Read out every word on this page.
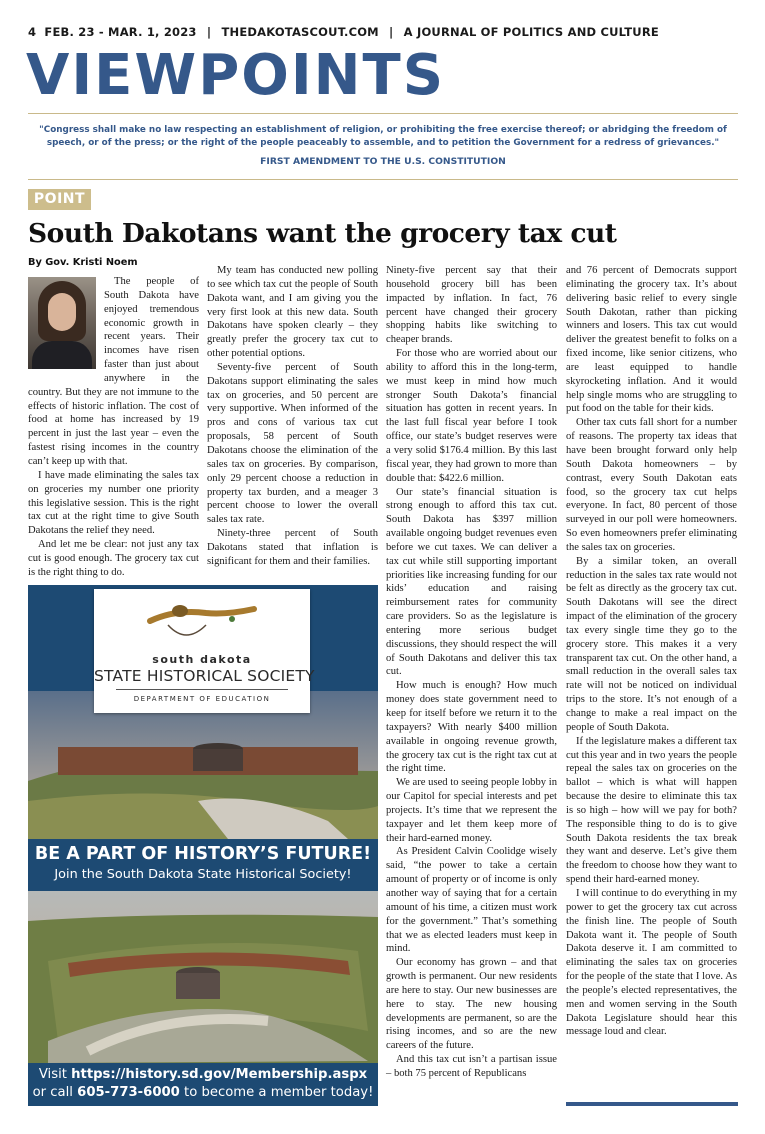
4 FEB. 23 - MAR. 1, 2023 | THEDAKOTASCOUT.COM | A JOURNAL OF POLITICS AND CULTURE
VIEWPOINTS
"Congress shall make no law respecting an establishment of religion, or prohibiting the free exercise thereof; or abridging the freedom of speech, or of the press; or the right of the people peaceably to assemble, and to petition the Government for a redress of grievances."
FIRST AMENDMENT TO THE U.S. CONSTITUTION
POINT
South Dakotans want the grocery tax cut
By Gov. Kristi Noem

The people of South Dakota have enjoyed tremendous economic growth in recent years. Their incomes have risen faster than just about anywhere in the country. But they are not immune to the effects of historic inflation. The cost of food at home has increased by 19 percent in just the last year – even the fastest rising incomes in the country can’t keep up with that.

I have made eliminating the sales tax on groceries my number one priority this legislative session. This is the right tax cut at the right time to give South Dakotans the relief they need.

And let me be clear: not just any tax cut is good enough. The grocery tax cut is the right thing to do.

My team has conducted new polling to see which tax cut the people of South Dakota want, and I am giving you the very first look at this new data. South Dakotans have spoken clearly – they greatly prefer the grocery tax cut to other potential options.

Seventy-five percent of South Dakotans support eliminating the sales tax on groceries, and 50 percent are very supportive. When informed of the pros and cons of various tax cut proposals, 58 percent of South Dakotans choose the elimination of the sales tax on groceries. By comparison, only 29 percent choose a reduction in property tax burden, and a meager 3 percent choose to lower the overall sales tax rate.

Ninety-three percent of South Dakotans stated that inflation is significant for them and their families.

Ninety-five percent say that their household grocery bill has been impacted by inflation. In fact, 76 percent have changed their grocery shopping habits like switching to cheaper brands.

For those who are worried about our ability to afford this in the long-term, we must keep in mind how much stronger South Dakota’s financial situation has gotten in recent years. In the last full fiscal year before I took office, our state’s budget reserves were a very solid $176.4 million. By this last fiscal year, they had grown to more than double that: $422.6 million.

Our state’s financial situation is strong enough to afford this tax cut. South Dakota has $397 million available ongoing budget revenues even before we cut taxes. We can deliver a tax cut while still supporting important priorities like increasing funding for our kids’ education and raising reimbursement rates for community care providers. So as the legislature is entering more serious budget discussions, they should respect the will of South Dakotans and deliver this tax cut.

How much is enough? How much money does state government need to keep for itself before we return it to the taxpayers? With nearly $400 million available in ongoing revenue growth, the grocery tax cut is the right tax cut at the right time.

We are used to seeing people lobby in our Capitol for special interests and pet projects. It’s time that we represent the taxpayer and let them keep more of their hard-earned money.

As President Calvin Coolidge wisely said, “the power to take a certain amount of property or of income is only another way of saying that for a certain amount of his time, a citizen must work for the government.” That’s something that we as elected leaders must keep in mind.

Our economy has grown – and that growth is permanent. Our new residents are here to stay. Our new businesses are here to stay. The new housing developments are permanent, so are the rising incomes, and so are the new careers of the future.

And this tax cut isn’t a partisan issue – both 75 percent of Republicans

and 76 percent of Democrats support eliminating the grocery tax. It’s about delivering basic relief to every single South Dakotan, rather than picking winners and losers. This tax cut would deliver the greatest benefit to folks on a fixed income, like senior citizens, who are least equipped to handle skyrocketing inflation. And it would help single moms who are struggling to put food on the table for their kids.

Other tax cuts fall short for a number of reasons. The property tax ideas that have been brought forward only help South Dakota homeowners – by contrast, every South Dakotan eats food, so the grocery tax cut helps everyone. In fact, 80 percent of those surveyed in our poll were homeowners. So even homeowners prefer eliminating the sales tax on groceries.

By a similar token, an overall reduction in the sales tax rate would not be felt as directly as the grocery tax cut. South Dakotans will see the direct impact of the elimination of the grocery tax every single time they go to the grocery store. This makes it a very transparent tax cut. On the other hand, a small reduction in the overall sales tax rate will not be noticed on individual trips to the store. It’s not enough of a change to make a real impact on the people of South Dakota.

If the legislature makes a different tax cut this year and in two years the people repeal the sales tax on groceries on the ballot – which is what will happen because the desire to eliminate this tax is so high – how will we pay for both? The responsible thing to do is to give South Dakota residents the tax break they want and deserve. Let’s give them the freedom to choose how they want to spend their hard-earned money.

I will continue to do everything in my power to get the grocery tax cut across the finish line. The people of South Dakota want it. The people of South Dakota deserve it. I am committed to eliminating the sales tax on groceries for the people of the state that I love. As the people’s elected representatives, the men and women serving in the South Dakota Legislature should hear this message loud and clear.

south dakota
STATE HISTORICAL SOCIETY
DEPARTMENT OF EDUCATION
BE A PART OF HISTORY’S FUTURE!
Join the South Dakota State Historical Society!
Visit https://history.sd.gov/Membership.aspx
or call 605-773-6000 to become a member today!
